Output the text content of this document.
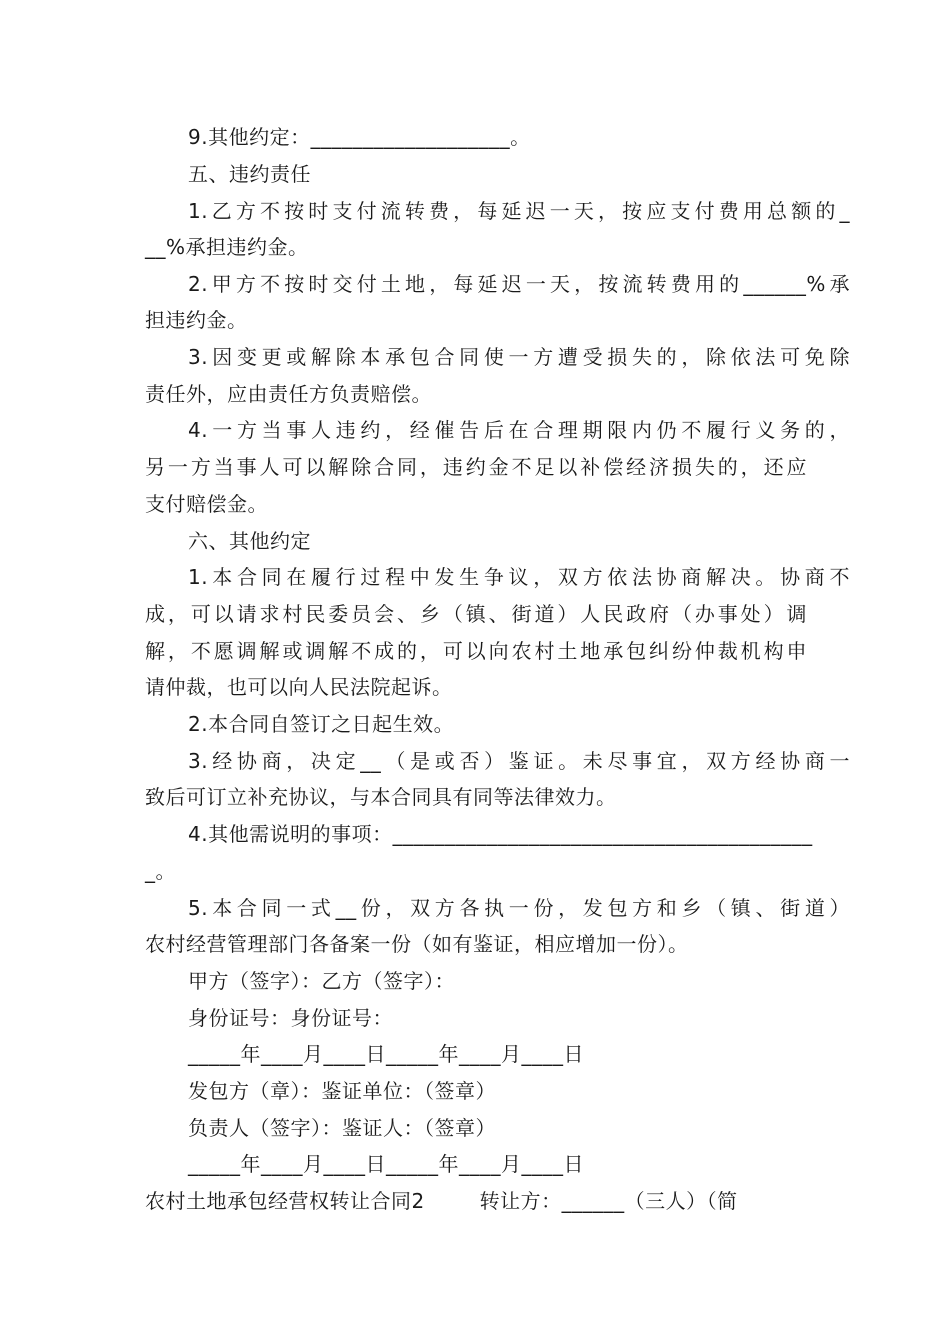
9.其他约定：___________________。
五、违约责任
1.乙方不按时支付流转费，每延迟一天，按应支付费用总额的_
__%承担违约金。
2.甲方不按时交付土地，每延迟一天，按流转费用的______%承
担违约金。
3.因变更或解除本承包合同使一方遭受损失的，除依法可免除
责任外，应由责任方负责赔偿。
4.一方当事人违约，经催告后在合理期限内仍不履行义务的，
另一方当事人可以解除合同，违约金不足以补偿经济损失的，还应
支付赔偿金。
六、其他约定
1.本合同在履行过程中发生争议，双方依法协商解决。协商不
成，可以请求村民委员会、乡（镇、街道）人民政府（办事处）调
解，不愿调解或调解不成的，可以向农村土地承包纠纷仲裁机构申
请仲裁，也可以向人民法院起诉。
2.本合同自签订之日起生效。
3.经协商，决定__（是或否）鉴证。未尽事宜，双方经协商一
致后可订立补充协议，与本合同具有同等法律效力。
4.其他需说明的事项：________________________________________
_。
5.本合同一式__份，双方各执一份，发包方和乡（镇、街道）
农村经营管理部门各备案一份（如有鉴证，相应增加一份）。
甲方（签字）：乙方（签字）：
身份证号：身份证号：
_____年____月____日_____年____月____日
发包方（章）：鉴证单位：（签章）
负责人（签字）：鉴证人：（签章）
_____年____月____日_____年____月____日
农村土地承包经营权转让合同2        转让方：______（三人）（简
